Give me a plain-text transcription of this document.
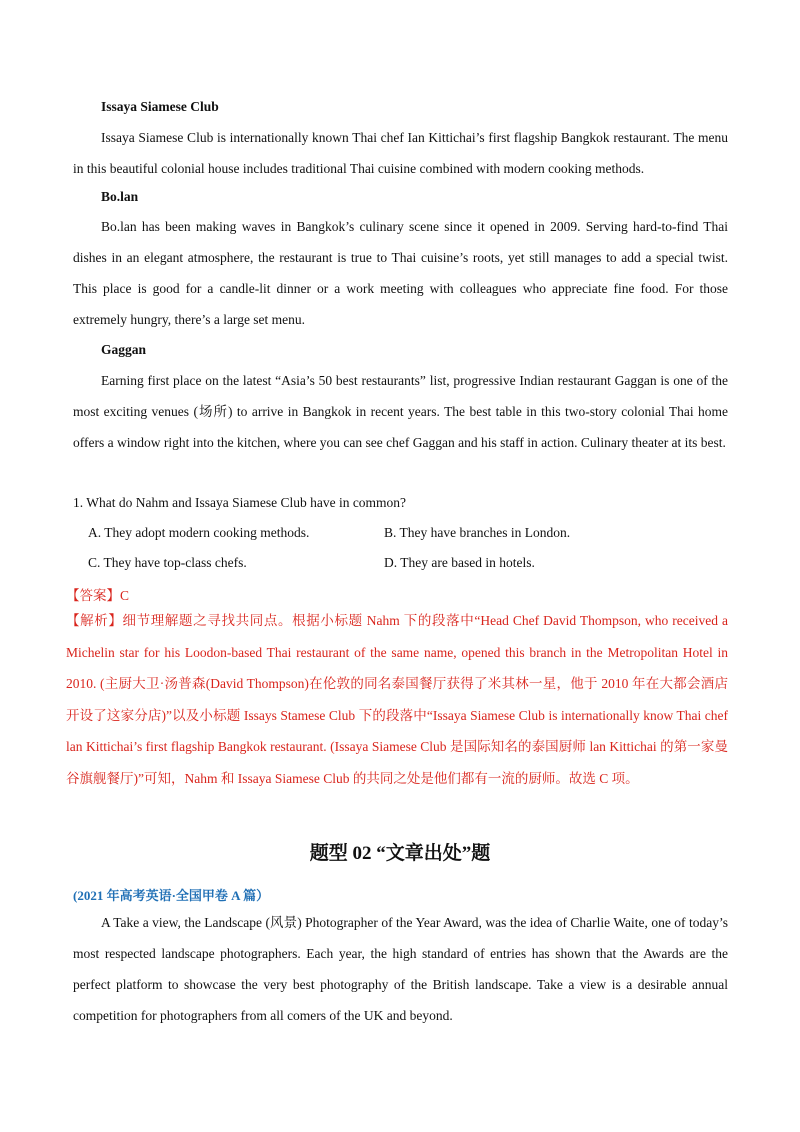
Issaya Siamese Club
Issaya Siamese Club is internationally known Thai chef Ian Kittichai’s first flagship Bangkok restaurant. The menu in this beautiful colonial house includes traditional Thai cuisine combined with modern cooking methods.
Bo.lan
Bo.lan has been making waves in Bangkok’s culinary scene since it opened in 2009. Serving hard-to-find Thai dishes in an elegant atmosphere, the restaurant is true to Thai cuisine’s roots, yet still manages to add a special twist. This place is good for a candle-lit dinner or a work meeting with colleagues who appreciate fine food. For those extremely hungry, there’s a large set menu.
Gaggan
Earning first place on the latest “Asia’s 50 best restaurants” list, progressive Indian restaurant Gaggan is one of the most exciting venues (场所) to arrive in Bangkok in recent years. The best table in this two-story colonial Thai home offers a window right into the kitchen, where you can see chef Gaggan and his staff in action. Culinary theater at its best.
1. What do Nahm and Issaya Siamese Club have in common?
A. They adopt modern cooking methods.	B. They have branches in London.
C. They have top-class chefs.	D. They are based in hotels.
【答案】C
【解析】细节理解题之寻找共同点。根据小标题 Nahm 下的段落中“Head Chef David Thompson, who received a Michelin star for his Loodon-based Thai restaurant of the same name, opened this branch in the Metropolitan Hotel in 2010. (主厨大卫·汤普森(David Thompson)在伦敦的同名泰国餐厅获得了米其林一星，他于 2010 年在大都会酒店开设了这家分店)”以及小标题 Issays Stamese Club 下的段落中“Issaya Siamese Club is internationally know Thai chef lan Kittichai’s first flagship Bangkok restaurant. (Issaya Siamese Club 是国际知名的泰国厨师 lan Kittichai 的第一家曼谷旗舰餐厅)”可知，Nahm 和 Issaya Siamese Club 的共同之处是他们都有一流的厨师。故选 C 项。
题型 02 “文章出处”题
(2021 年高考英语·全国甲卷 A 篇）
A Take a view, the Landscape (风景) Photographer of the Year Award, was the idea of Charlie Waite, one of today’s most respected landscape photographers. Each year, the high standard of entries has shown that the Awards are the perfect platform to showcase the very best photography of the British landscape. Take a view is a desirable annual competition for photographers from all comers of the UK and beyond.
